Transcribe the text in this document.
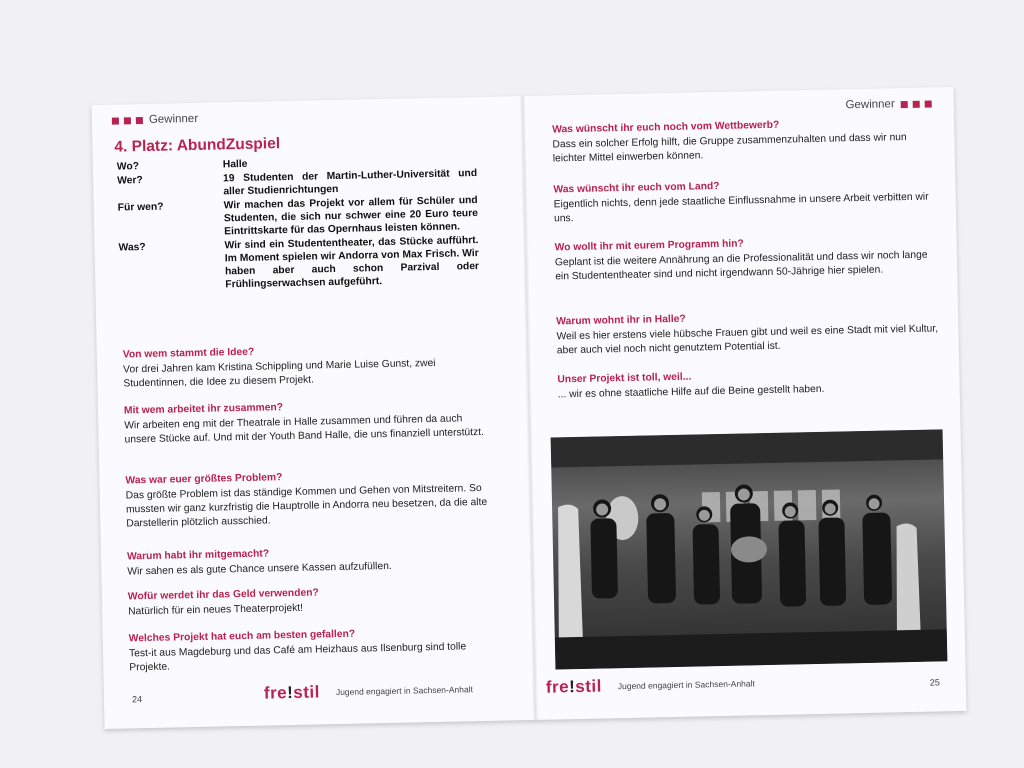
Gewinner
4. Platz: AbundZuspiel
Wo?	Halle
Wer?	19 Studenten der Martin-Luther-Universität und aller Studienrichtungen
Für wen?	Wir machen das Projekt vor allem für Schüler und Studenten, die sich nur schwer eine 20 Euro teure Eintrittskarte für das Opernhaus leisten können.
Was?	Wir sind ein Studententheater, das Stücke aufführt. Im Moment spielen wir Andorra von Max Frisch. Wir haben aber auch schon Parzival oder Frühlingserwachsen aufgeführt.
Von wem stammt die Idee?
Vor drei Jahren kam Kristina Schippling und Marie Luise Gunst, zwei Studentinnen, die Idee zu diesem Projekt.
Mit wem arbeitet ihr zusammen?
Wir arbeiten eng mit der Theatrale in Halle zusammen und führen da auch unsere Stücke auf. Und mit der Youth Band Halle, die uns finanziell unterstützt.
Was war euer größtes Problem?
Das größte Problem ist das ständige Kommen und Gehen von Mitstreitern. So mussten wir ganz kurzfristig die Hauptrolle in Andorra neu besetzen, da die alte Darstellerin plötzlich ausschied.
Warum habt ihr mitgemacht?
Wir sahen es als gute Chance unsere Kassen aufzufüllen.
Wofür werdet ihr das Geld verwenden?
Natürlich für ein neues Theaterprojekt!
Welches Projekt hat euch am besten gefallen?
Test-it aus Magdeburg und das Café am Heizhaus aus Ilsenburg sind tolle Projekte.
24	fre!stil Jugend engagiert in Sachsen-Anhalt
Gewinner
Was wünscht ihr euch noch vom Wettbewerb?
Dass ein solcher Erfolg hilft, die Gruppe zusammenzuhalten und dass wir nun leichter Mittel einwerben können.
Was wünscht ihr euch vom Land?
Eigentlich nichts, denn jede staatliche Einflussnahme in unsere Arbeit verbitten wir uns.
Wo wollt ihr mit eurem Programm hin?
Geplant ist die weitere Annährung an die Professionalität und dass wir noch lange ein Studententheater sind und nicht irgendwann 50-Jährige hier spielen.
Warum wohnt ihr in Halle?
Weil es hier erstens viele hübsche Frauen gibt und weil es eine Stadt mit viel Kultur, aber auch viel noch nicht genutztem Potential ist.
Unser Projekt ist toll, weil...
... wir es ohne staatliche Hilfe auf die Beine gestellt haben.
fre!stil Jugend engagiert in Sachsen-Anhalt	25
